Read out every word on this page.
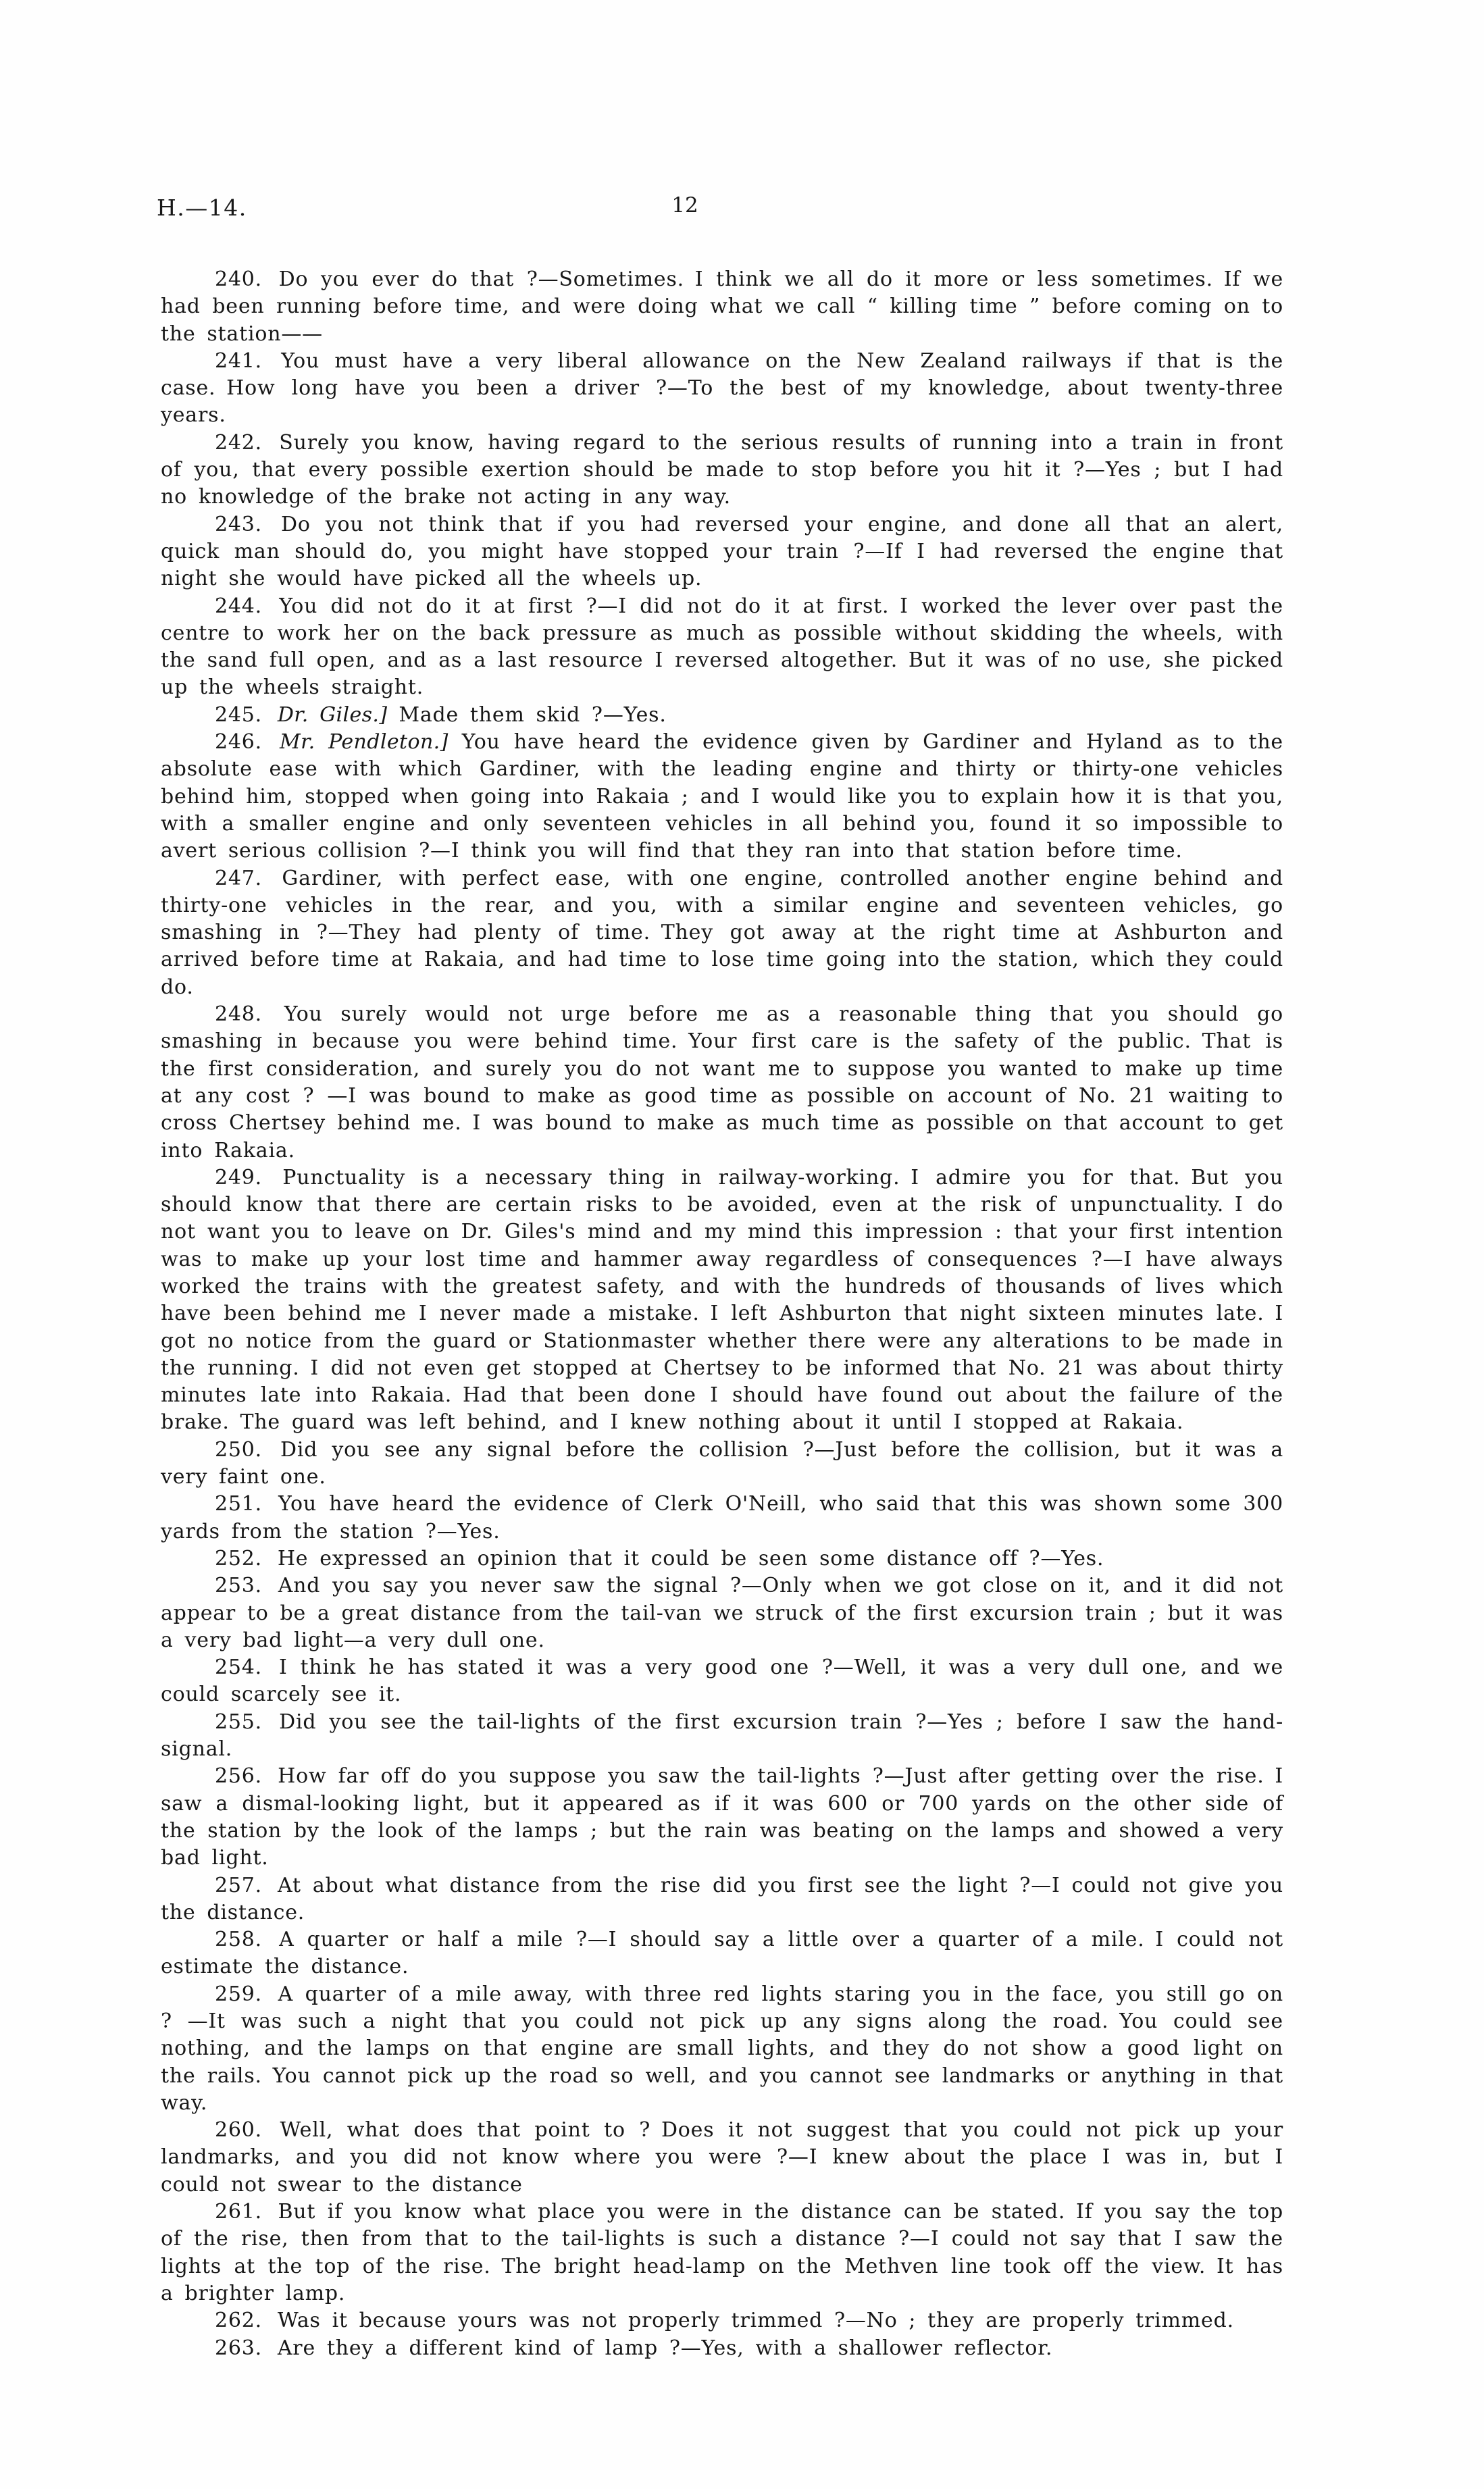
H.—14.	12

240. Do you ever do that ?—Sometimes. I think we all do it more or less sometimes. If we had been running before time, and were doing what we call “ killing time ” before coming on to the station——

241. You must have a very liberal allowance on the New Zealand railways if that is the case. How long have you been a driver ?—To the best of my knowledge, about twenty-three years.

242. Surely you know, having regard to the serious results of running into a train in front of you, that every possible exertion should be made to stop before you hit it ?—Yes ; but I had no knowledge of the brake not acting in any way.

243. Do you not think that if you had reversed your engine, and done all that an alert, quick man should do, you might have stopped your train ?—If I had reversed the engine that night she would have picked all the wheels up.

244. You did not do it at first ?—I did not do it at first. I worked the lever over past the centre to work her on the back pressure as much as possible without skidding the wheels, with the sand full open, and as a last resource I reversed altogether. But it was of no use, she picked up the wheels straight.

245. Dr. Giles.] Made them skid ?—Yes.

246. Mr. Pendleton.] You have heard the evidence given by Gardiner and Hyland as to the absolute ease with which Gardiner, with the leading engine and thirty or thirty-one vehicles behind him, stopped when going into Rakaia ; and I would like you to explain how it is that you, with a smaller engine and only seventeen vehicles in all behind you, found it so impossible to avert serious collision ?—I think you will find that they ran into that station before time.

247. Gardiner, with perfect ease, with one engine, controlled another engine behind and thirty-one vehicles in the rear, and you, with a similar engine and seventeen vehicles, go smashing in ?—They had plenty of time. They got away at the right time at Ashburton and arrived before time at Rakaia, and had time to lose time going into the station, which they could do.

248. You surely would not urge before me as a reasonable thing that you should go smashing in because you were behind time. Your first care is the safety of the public. That is the first consideration, and surely you do not want me to suppose you wanted to make up time at any cost ? —I was bound to make as good time as possible on account of No. 21 waiting to cross Chertsey behind me. I was bound to make as much time as possible on that account to get into Rakaia.

249. Punctuality is a necessary thing in railway-working. I admire you for that. But you should know that there are certain risks to be avoided, even at the risk of unpunctuality. I do not want you to leave on Dr. Giles's mind and my mind this impression : that your first intention was to make up your lost time and hammer away regardless of consequences ?—I have always worked the trains with the greatest safety, and with the hundreds of thousands of lives which have been behind me I never made a mistake. I left Ashburton that night sixteen minutes late. I got no notice from the guard or Stationmaster whether there were any alterations to be made in the running. I did not even get stopped at Chertsey to be informed that No. 21 was about thirty minutes late into Rakaia. Had that been done I should have found out about the failure of the brake. The guard was left behind, and I knew nothing about it until I stopped at Rakaia.

250. Did you see any signal before the collision ?—Just before the collision, but it was a very faint one.

251. You have heard the evidence of Clerk O'Neill, who said that this was shown some 300 yards from the station ?—Yes.

252. He expressed an opinion that it could be seen some distance off ?—Yes.

253. And you say you never saw the signal ?—Only when we got close on it, and it did not appear to be a great distance from the tail-van we struck of the first excursion train ; but it was a very bad light—a very dull one.

254. I think he has stated it was a very good one ?—Well, it was a very dull one, and we could scarcely see it.

255. Did you see the tail-lights of the first excursion train ?—Yes ; before I saw the hand-signal.

256. How far off do you suppose you saw the tail-lights ?—Just after getting over the rise. I saw a dismal-looking light, but it appeared as if it was 600 or 700 yards on the other side of the station by the look of the lamps ; but the rain was beating on the lamps and showed a very bad light.

257. At about what distance from the rise did you first see the light ?—I could not give you the distance.

258. A quarter or half a mile ?—I should say a little over a quarter of a mile. I could not estimate the distance.

259. A quarter of a mile away, with three red lights staring you in the face, you still go on ? —It was such a night that you could not pick up any signs along the road. You could see nothing, and the lamps on that engine are small lights, and they do not show a good light on the rails. You cannot pick up the road so well, and you cannot see landmarks or anything in that way.

260. Well, what does that point to ? Does it not suggest that you could not pick up your landmarks, and you did not know where you were ?—I knew about the place I was in, but I could not swear to the distance

261. But if you know what place you were in the distance can be stated. If you say the top of the rise, then from that to the tail-lights is such a distance ?—I could not say that I saw the lights at the top of the rise. The bright head-lamp on the Methven line took off the view. It has a brighter lamp.

262. Was it because yours was not properly trimmed ?—No ; they are properly trimmed.

263. Are they a different kind of lamp ?—Yes, with a shallower reflector.
